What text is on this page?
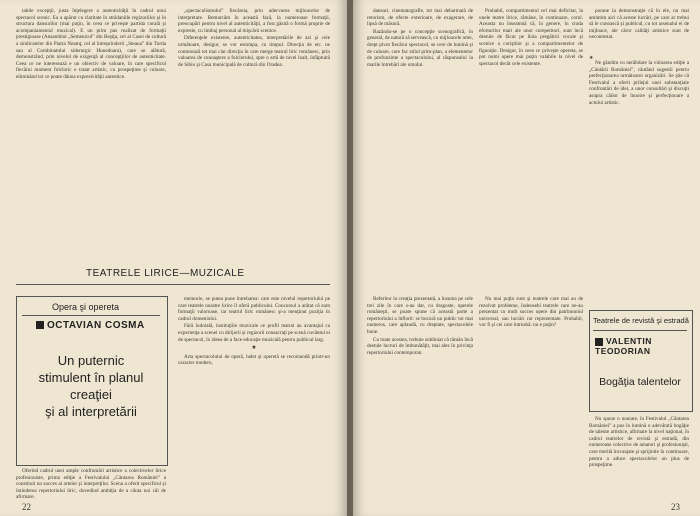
tabile excepţii, justa înţelegere a autenticităţii în cadrul unui spectacol scenic. Ea a apărut cu claritate în strădaniile regizoriilor şi în structura dansurilor (mai puţin, în ceea ce priveşte partida corală şi acompaniamentul muzical). E un prim pas realizat de formaţii prestigioase (Ansamblul „Semenicul” din Reşiţa, cel al Casei de cultură a sindicatelor din Piatra Neamţ, cel al întreprinderii „Steaua” din Turda sau al Combinatului siderurgic Hunedoara), care se alătură, demonstrând, prin nivelul de exigenţă al concepţiilor de autenticitate. Ceea ce ne interesează e un obiectiv de valoare, în care specificul fiecărui moment folcloric e tratat artistic, cu prospeţime şi culoare, eliminând tot ce poate dăuna expresivităţii autentice.

„spectaculismului” fiecăreia, prin adecvarea mijloacelor de interpretare. Remarcăm în această fază, la numeroase formaţii, preocupări pentru nivel al autenticităţii, a fost găsită o formă proprie de expresie, cu limbaj personal al mişcării scenice.

Diferenţele existente, autenticitatea, interpretările de azi şi cele următoare, desigur, se vor estompa, cu timpul. Direcţia de etc. ne conturează tot mai clar direcţia în care merge teatrul liric românesc, prin valoarea de cunoaştere a folclorului, spre o artă de nivel înalt, înfăptuită de Sibiu şi Casa municipală de cultură din Oradea.

TEATRELE LIRICE—MUZICALE
Opera şi opereta
OCTAVIAN COSMA
Un puternic
stimulent în planul
creaţiei
şi al interpretării

Oferind cadrul unei ample confruntări artistice a colectivelor lirice profesioniste, prima ediţie a Festivalului „Cântarea României” a constituit un succes al artelor şi interpreţilor. Scena a oferit specificul şi întinderea repertoriului liric, dovedind ambiţia de a căuta noi căi de afirmare.

memorie, se putea pune întrebarea: care este nivelul repertoriului pe care teatrele noastre lirice îl oferă publicului. Concursul a arătat că sunt formaţii valoroase, iar teatrul liric românesc şi-a menţinut poziţia în cadrul domeniului.

Fără îndoială, instituţiile muzicale ce profil teatral au avantajul ca experienţa a scenei cu dirijorii şi regizorii consacraţi pe scenă cuvântul ei de spectacol, în ideea de a face educaţie muzicală pentru publicul larg.

★

Arta spectacolului de operă, balet şi operetă se recomandă printr-un caracter modern,

22

dansuri, cinematografie, tot mai deharmată de retorism, de efecte exterioare, de exagerare, de lipsă de măsură.

Bazându-se pe o concepţie scenografică, în general, de natură să servească, cu mijloacele artei, drept pivot fiecărui spectacol, se cere de lumină şi de culoare, care fac stilul prim-plan, a elementelor de profunzime a spectacolului, al răspunsului la marile întrebări ale omului.

Probabil, compartimentul cel mai deficitar, la unele teatre lirice, rămâne, în continuare, corul. Aceasta nu înseamnă că, în genere, în ciuda eforturilor mari ale unor corepetitori, sunt încă destule de făcut pe linia pregătirii vocale şi scenice a coriştilor şi a compartimentelor de figuraţie. Desigur, în ceea ce priveşte opereta, se pot numi opere mai puţin valabile la nivel de spectacol decât cele existente.

porane la demonstraţie că în ele, nu mai amintim aici că aceste lucrări, pe care ar trebui să le cunoască şi publicul, cu tot arsenalul ei de mijloace, ale căror calităţi artistice sunt de necontestat.

★

Ne gândim cu nerăbdare la viitoarea ediţie a „Cântării României”, căutând sugestii pentru perfecţionarea următoarei organizări. Se ştie că Festivalul a oferit prilejul unei substanţiale confruntări de idei, a unor consultări şi discuţii asupra căilor de înnoire şi perfecţionare a actului artistic.

Referitor la creaţia prezentată, a însuma pe cele trei zile în care s-au dat, cu dragoste, operele româneşti, se poate spune că această parte a repertoriului a înflorit: se bucură un public tot mai numeros, care aplaudă, cu dreptate, spectacolele bune.

Cu toate acestea, trebuie subliniat că rămân încă destule lucruri de îmbunătăţit, mai ales în privinţa repertoriului contemporan.

Nu mai puţin sunt şi teatrele care mai au de rezolvat probleme, îndeosebi teatrele care ne-au prezentat cu mult succes opere din patrimoniul universal, sau lucrări rar reprezentate. Probabil, vor fi şi cei care întreabă: nu e puţin?

Teatrele de revistă şi estradă
VALENTIN TEODORIAN
Bogăţia talentelor

Nu spune o noutate, în Festivalul „Cântarea României” a pus în lumină o adevărată bogăţie de talente artistice, afirmate la nivel naţional, în cadrul teatrelor de revistă şi estradă, din numeroase colective de amatori şi profesionişti, care merită încurajate şi sprijinite în continuare, pentru a aduce spectacolelor un plus de prospeţime.

23
